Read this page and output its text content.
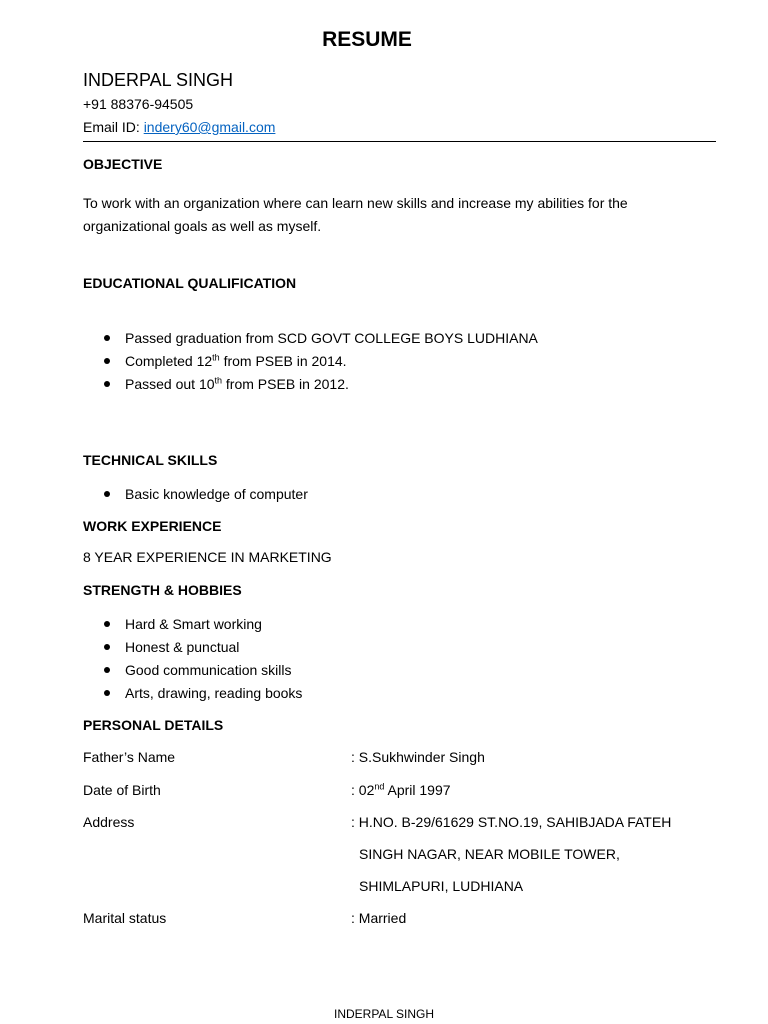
RESUME
INDERPAL SINGH
+91 88376-94505
Email ID: indery60@gmail.com
OBJECTIVE
To work with an organization where can learn new skills and increase my abilities for the organizational goals as well as myself.
EDUCATIONAL QUALIFICATION
Passed graduation from SCD GOVT COLLEGE BOYS LUDHIANA
Completed 12th from PSEB in 2014.
Passed out 10th from PSEB in 2012.
TECHNICAL SKILLS
Basic knowledge of computer
WORK EXPERIENCE
8 YEAR EXPERIENCE IN MARKETING
STRENGTH & HOBBIES
Hard & Smart working
Honest & punctual
Good communication skills
Arts, drawing, reading books
PERSONAL DETAILS
Father’s Name	: S.Sukhwinder Singh
Date of Birth	: 02nd April 1997
Address	: H.NO. B-29/61629 ST.NO.19, SAHIBJADA FATEH
SINGH NAGAR, NEAR MOBILE TOWER,
SHIMLAPURI, LUDHIANA
Marital status	: Married
INDERPAL SINGH
